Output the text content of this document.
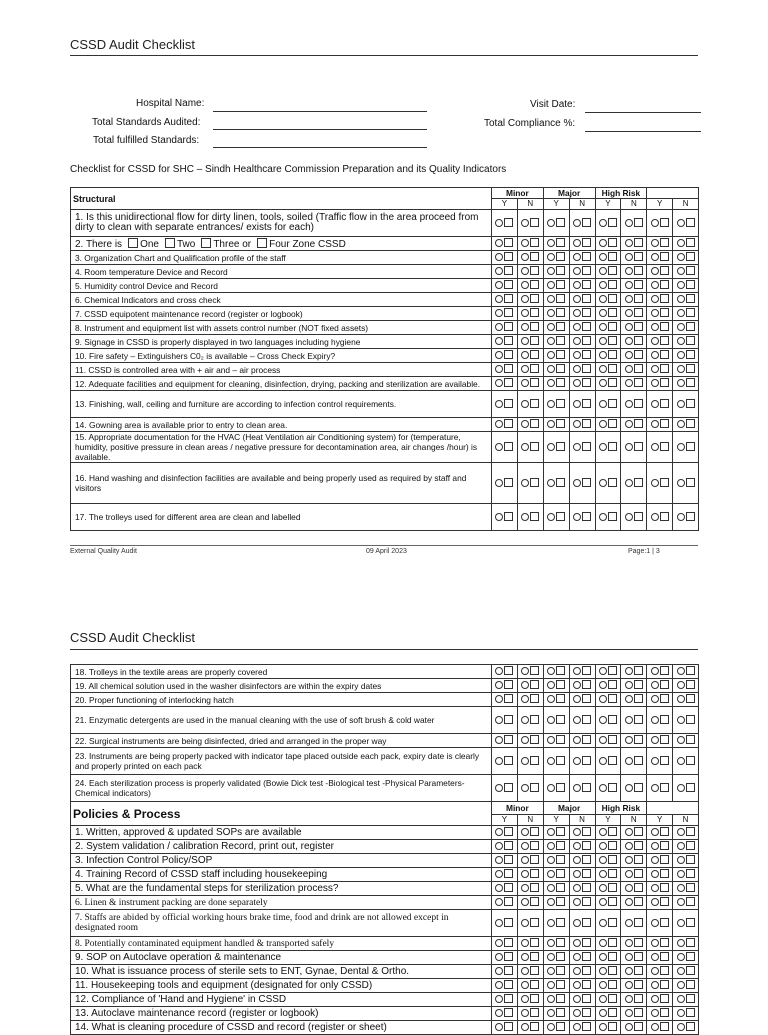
CSSD Audit Checklist
Hospital Name:
Total Standards Audited:
Total fulfilled Standards:
Visit Date:
Total Compliance %:
Checklist for CSSD for SHC – Sindh Healthcare Commission Preparation and its Quality Indicators
Structural	Minor		Major		High Risk			
	Y	N	Y	N	Y	N	Y	N
1. Is this unidirectional flow for dirty linen, tools, soiled (Traffic flow in the area proceed from dirty to clean with separate entrances/ exists for each)								
2. There is One Two Three or Four Zone CSSD								
3. Organization Chart and Qualification profile of the staff								
4. Room temperature Device and Record								
5. Humidity control Device and Record								
6. Chemical Indicators and cross check								
7. CSSD equipotent maintenance record (register or logbook)								
8. Instrument and equipment list with assets control number (NOT fixed assets)								
9. Signage in CSSD is properly displayed in two languages including hygiene								
10. Fire safety – Extinguishers C0₂ is available – Cross Check Expiry?								
11. CSSD is controlled area with + air and – air process								
12. Adequate facilities and equipment for cleaning, disinfection, drying, packing and sterilization are available.								
13. Finishing, wall, ceiling and furniture are according to infection control requirements.								
14. Gowning area is available prior to entry to clean area.								
15. Appropriate documentation for the HVAC (Heat Ventilation air Conditioning system) for (temperature, humidity, positive pressure in clean areas / negative pressure for decontamination area, air changes /hour) is available.								
16. Hand washing and disinfection facilities are available and being properly used as required by staff and visitors								
17. The trolleys used for different area are clean and labelled								
External Quality Audit	09 April 2023	Page:1 | 3
CSSD Audit Checklist
18. Trolleys in the textile areas are properly covered								
19. All chemical solution used in the washer disinfectors are within the expiry dates								
20. Proper functioning of interlocking hatch								
21. Enzymatic detergents are used in the manual cleaning with the use of soft brush & cold water								
22. Surgical instruments are being disinfected, dried and arranged in the proper way								
23. Instruments are being properly packed with indicator tape placed outside each pack, expiry date is clearly and properly printed on each pack								
24. Each sterilization process is properly validated (Bowie Dick test -Biological test -Physical Parameters-Chemical indicators)								
Policies & Process	Minor		Major		High Risk			
	Y	N	Y	N	Y	N	Y	N
1. Written, approved & updated SOPs are available								
2. System validation / calibration Record, print out, register								
3. Infection Control Policy/SOP								
4. Training Record of CSSD staff including housekeeping								
5. What are the fundamental steps for sterilization process?								
6. Linen & instrument packing are done separately								
7. Staffs are abided by official working hours brake time, food and drink are not allowed except in designated room								
8. Potentially contaminated equipment handled & transported safely								
9. SOP on Autoclave operation & maintenance								
10. What is issuance process of sterile sets to ENT, Gynae, Dental & Ortho.								
11. Housekeeping tools and equipment (designated for only CSSD)								
12. Compliance of 'Hand and Hygiene' in CSSD								
13. Autoclave maintenance record (register or logbook)								
14. What is cleaning procedure of CSSD and record (register or sheet)								
